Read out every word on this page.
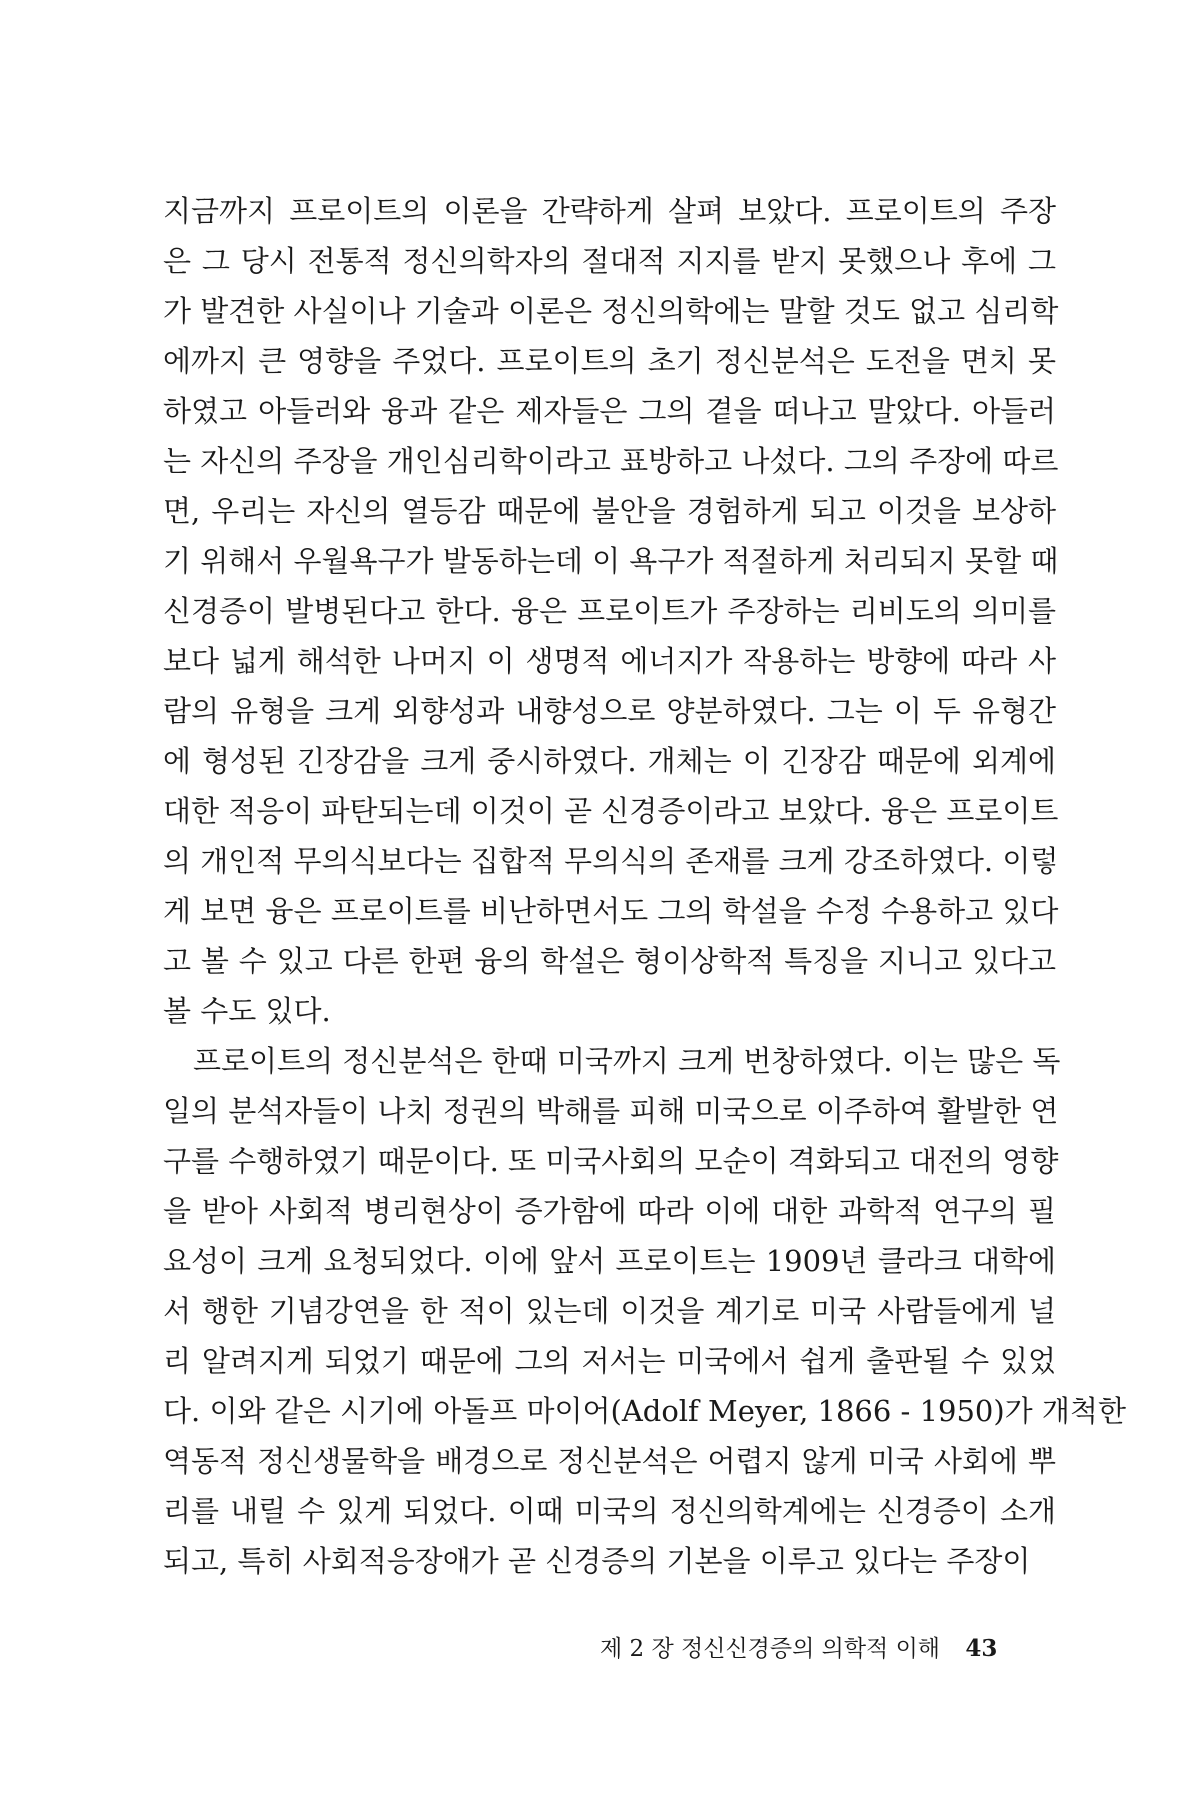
지금까지 프로이트의 이론을 간략하게 살펴 보았다. 프로이트의 주장
은 그 당시 전통적 정신의학자의 절대적 지지를 받지 못했으나 후에 그
가 발견한 사실이나 기술과 이론은 정신의학에는 말할 것도 없고 심리학
에까지 큰 영향을 주었다. 프로이트의 초기 정신분석은 도전을 면치 못
하였고 아들러와 융과 같은 제자들은 그의 곁을 떠나고 말았다. 아들러
는 자신의 주장을 개인심리학이라고 표방하고 나섰다. 그의 주장에 따르
면, 우리는 자신의 열등감 때문에 불안을 경험하게 되고 이것을 보상하
기 위해서 우월욕구가 발동하는데 이 욕구가 적절하게 처리되지 못할 때
신경증이 발병된다고 한다. 융은 프로이트가 주장하는 리비도의 의미를
보다 넓게 해석한 나머지 이 생명적 에너지가 작용하는 방향에 따라 사
람의 유형을 크게 외향성과 내향성으로 양분하였다. 그는 이 두 유형간
에 형성된 긴장감을 크게 중시하였다. 개체는 이 긴장감 때문에 외계에
대한 적응이 파탄되는데 이것이 곧 신경증이라고 보았다. 융은 프로이트
의 개인적 무의식보다는 집합적 무의식의 존재를 크게 강조하였다. 이렇
게 보면 융은 프로이트를 비난하면서도 그의 학설을 수정 수용하고 있다
고 볼 수 있고 다른 한편 융의 학설은 형이상학적 특징을 지니고 있다고
볼 수도 있다.
프로이트의 정신분석은 한때 미국까지 크게 번창하였다. 이는 많은 독
일의 분석자들이 나치 정권의 박해를 피해 미국으로 이주하여 활발한 연
구를 수행하였기 때문이다. 또 미국사회의 모순이 격화되고 대전의 영향
을 받아 사회적 병리현상이 증가함에 따라 이에 대한 과학적 연구의 필
요성이 크게 요청되었다. 이에 앞서 프로이트는 1909년 클라크 대학에
서 행한 기념강연을 한 적이 있는데 이것을 계기로 미국 사람들에게 널
리 알려지게 되었기 때문에 그의 저서는 미국에서 쉽게 출판될 수 있었
다. 이와 같은 시기에 아돌프 마이어(Adolf Meyer, 1866 - 1950)가 개척한
역동적 정신생물학을 배경으로 정신분석은 어렵지 않게 미국 사회에 뿌
리를 내릴 수 있게 되었다. 이때 미국의 정신의학계에는 신경증이 소개
되고, 특히 사회적응장애가 곧 신경증의 기본을 이루고 있다는 주장이
제 2 장 정신신경증의 의학적 이해 43
